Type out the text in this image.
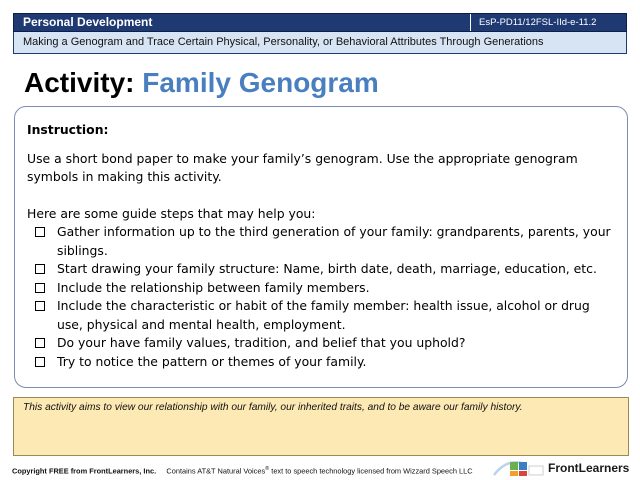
Personal Development	EsP-PD11/12FSL-IId-e-11.2
Making a Genogram and Trace Certain Physical, Personality, or Behavioral Attributes Through Generations
Activity: Family Genogram
Instruction:
Use a short bond paper to make your family’s genogram. Use the appropriate genogram symbols in making this activity.
Here are some guide steps that may help you:
Gather information up to the third generation of your family: grandparents, parents, your siblings.
Start drawing your family structure: Name, birth date, death, marriage, education, etc.
Include the relationship between family members.
Include the characteristic or habit of the family member: health issue, alcohol or drug use, physical and mental health, employment.
Do your have family values, tradition, and belief that you uphold?
Try to notice the pattern or themes of your family.
This activity aims to view our relationship with our family, our inherited traits, and to be aware our family history.
Copyright FREE from FrontLearners, Inc. Contains AT&T Natural Voices® text to speech technology licensed from Wizzard Speech LLC	FrontLearners
